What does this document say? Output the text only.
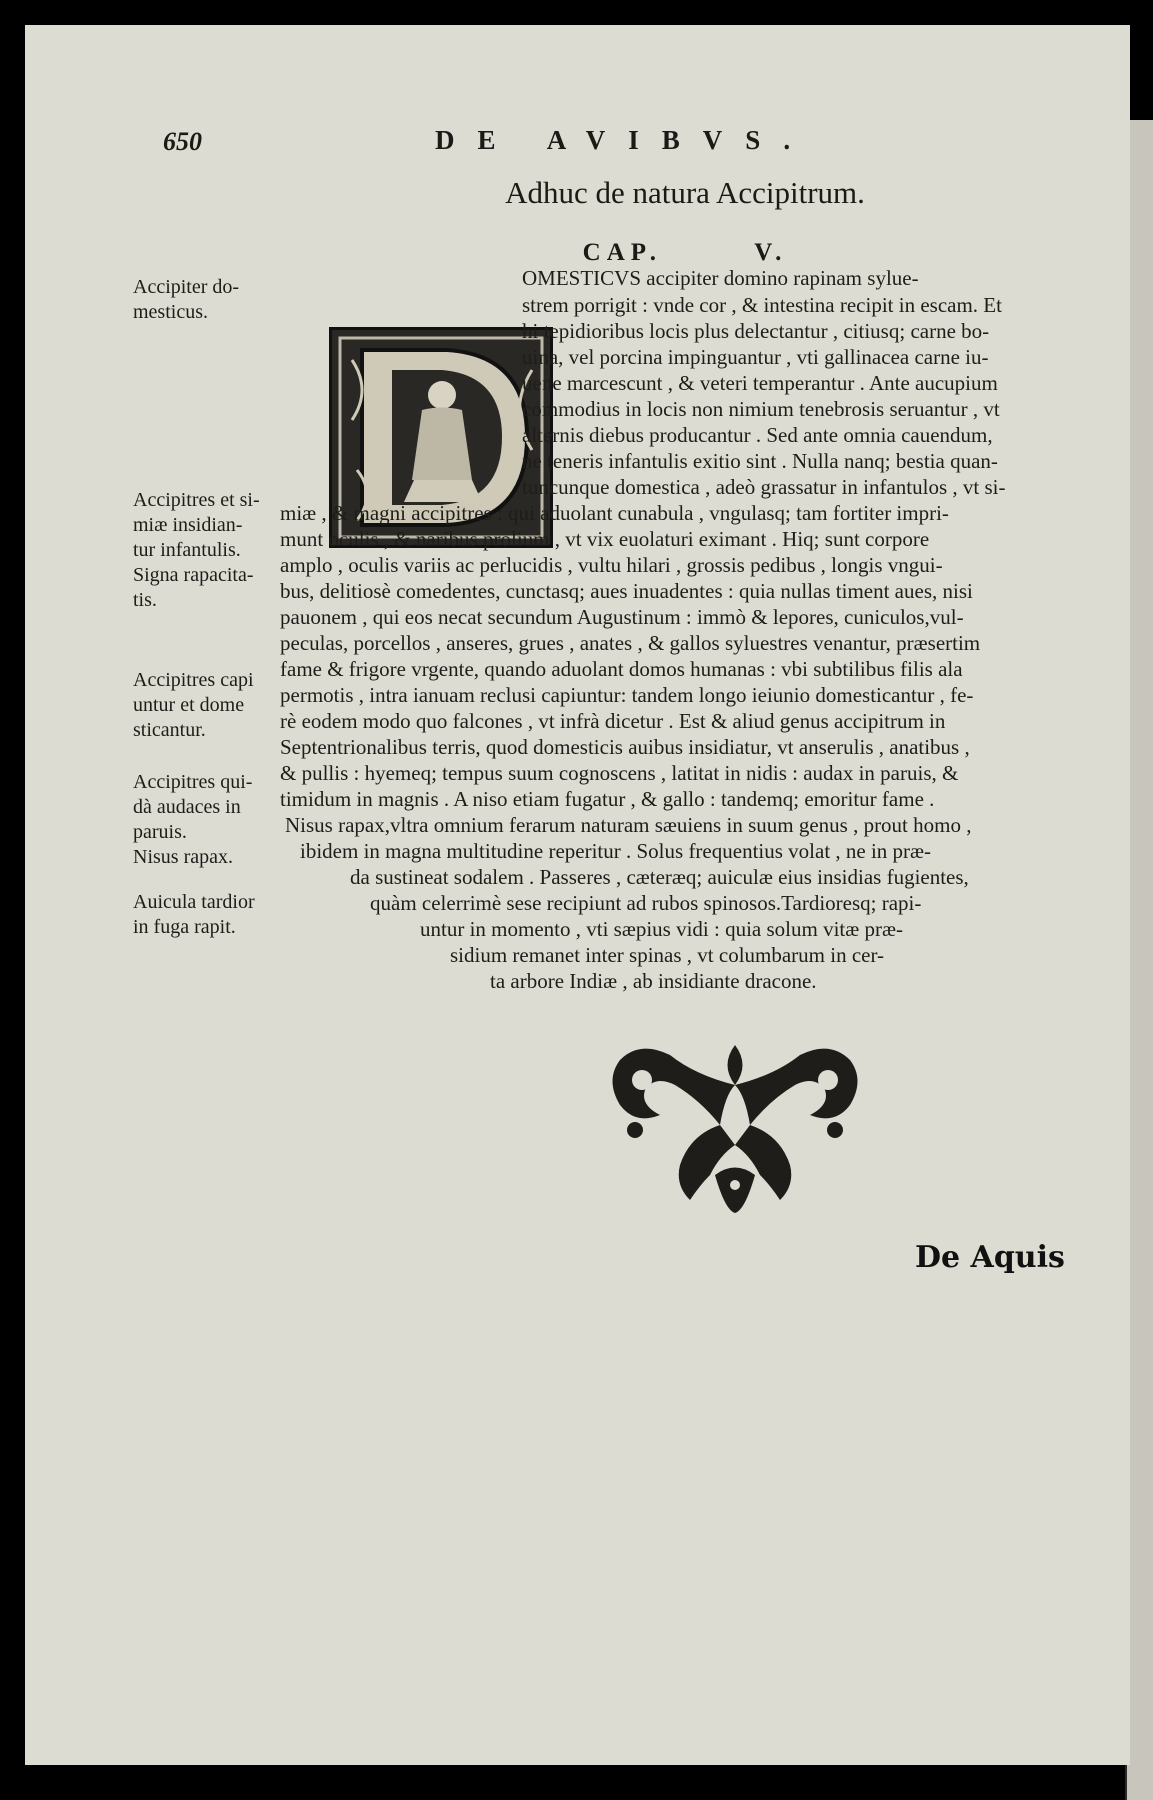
650	DE AVIBVS.
Adhuc de natura Accipitrum.
CAP.	V.
OMESTICVS accipiter domino rapinam syluе-
strem porrigit : vnde cor , & intestina recipit in escam. Et
hi tepidioribus locis plus delectantur , citiusq; carne bo-
uina, vel porcina impinguantur , vti gallinacea carne iu-
uene marcescunt , & veteri temperantur . Ante aucupium
commodius in locis non nimium tenebrosis seruantur , vt
alternis diebus producantur . Sed ante omnia cauendum,
ne teneris infantulis exitio sint . Nulla nanq; bestia quan-
tuncunque domestica , adeò grassatur in infantulos , vt si-
miæ , & magni accipitres : qui aduolant cunabula , vngulasq; tam fortiter impri-
munt oculis , & naribus prolium , vt vix euolaturi eximant . Hiq; sunt corpore
amplo , oculis variis ac perlucidis , vultu hilari , grossis pedibus , longis vngui-
bus, delitiosè comedentes, cunctasq; aues inuadentes : quia nullas timent aues, nisi
pauonem , qui eos necat secundum Augustinum : immò & lepores, cuniculos,vul-
peculas, porcellos , anseres, grues , anates , & gallos syluestres venantur, præsertim
fame & frigore vrgente, quando aduolant domos humanas : vbi subtilibus filis ala
permotis , intra ianuam reclusi capiuntur: tandem longo ieiunio domesticantur , fe-
rè eodem modo quo falcones , vt infrà dicetur . Est & aliud genus accipitrum in
Septentrionalibus terris, quod domesticis auibus insidiatur, vt anserulis , anatibus ,
& pullis : hyemeq; tempus suum cognoscens , latitat in nidis : audax in paruis, &
timidum in magnis . A niso etiam fugatur , & gallo : tandemq; emoritur fame .
Nisus rapax,vltra omnium ferarum naturam sæuiens in suum genus , prout homo ,
ibidem in magna multitudine reperitur . Solus frequentius volat , ne in præ-
da sustineat sodalem . Passeres , cæteræq; auiculæ eius insidias fugientes,
quàm celerrimè sese recipiunt ad rubos spinosos.Tardioresq; rapi-
untur in momento , vti sæpius vidi : quia solum vitæ præ-
sidium remanet inter spinas , vt columbarum in cer-
ta arbore Indiæ , ab insidiante dracone.
Accipiter do-
mesticus.
Accipitres et si-
miæ insidian-
tur infantulis.
Signa rapacita-
tis.
Accipitres capi
untur et dome
sticantur.
Accipitres qui-
dà audaces in
paruis.
Nisus rapax.
Auicula tardior
in fuga rapit.
De Aquis
